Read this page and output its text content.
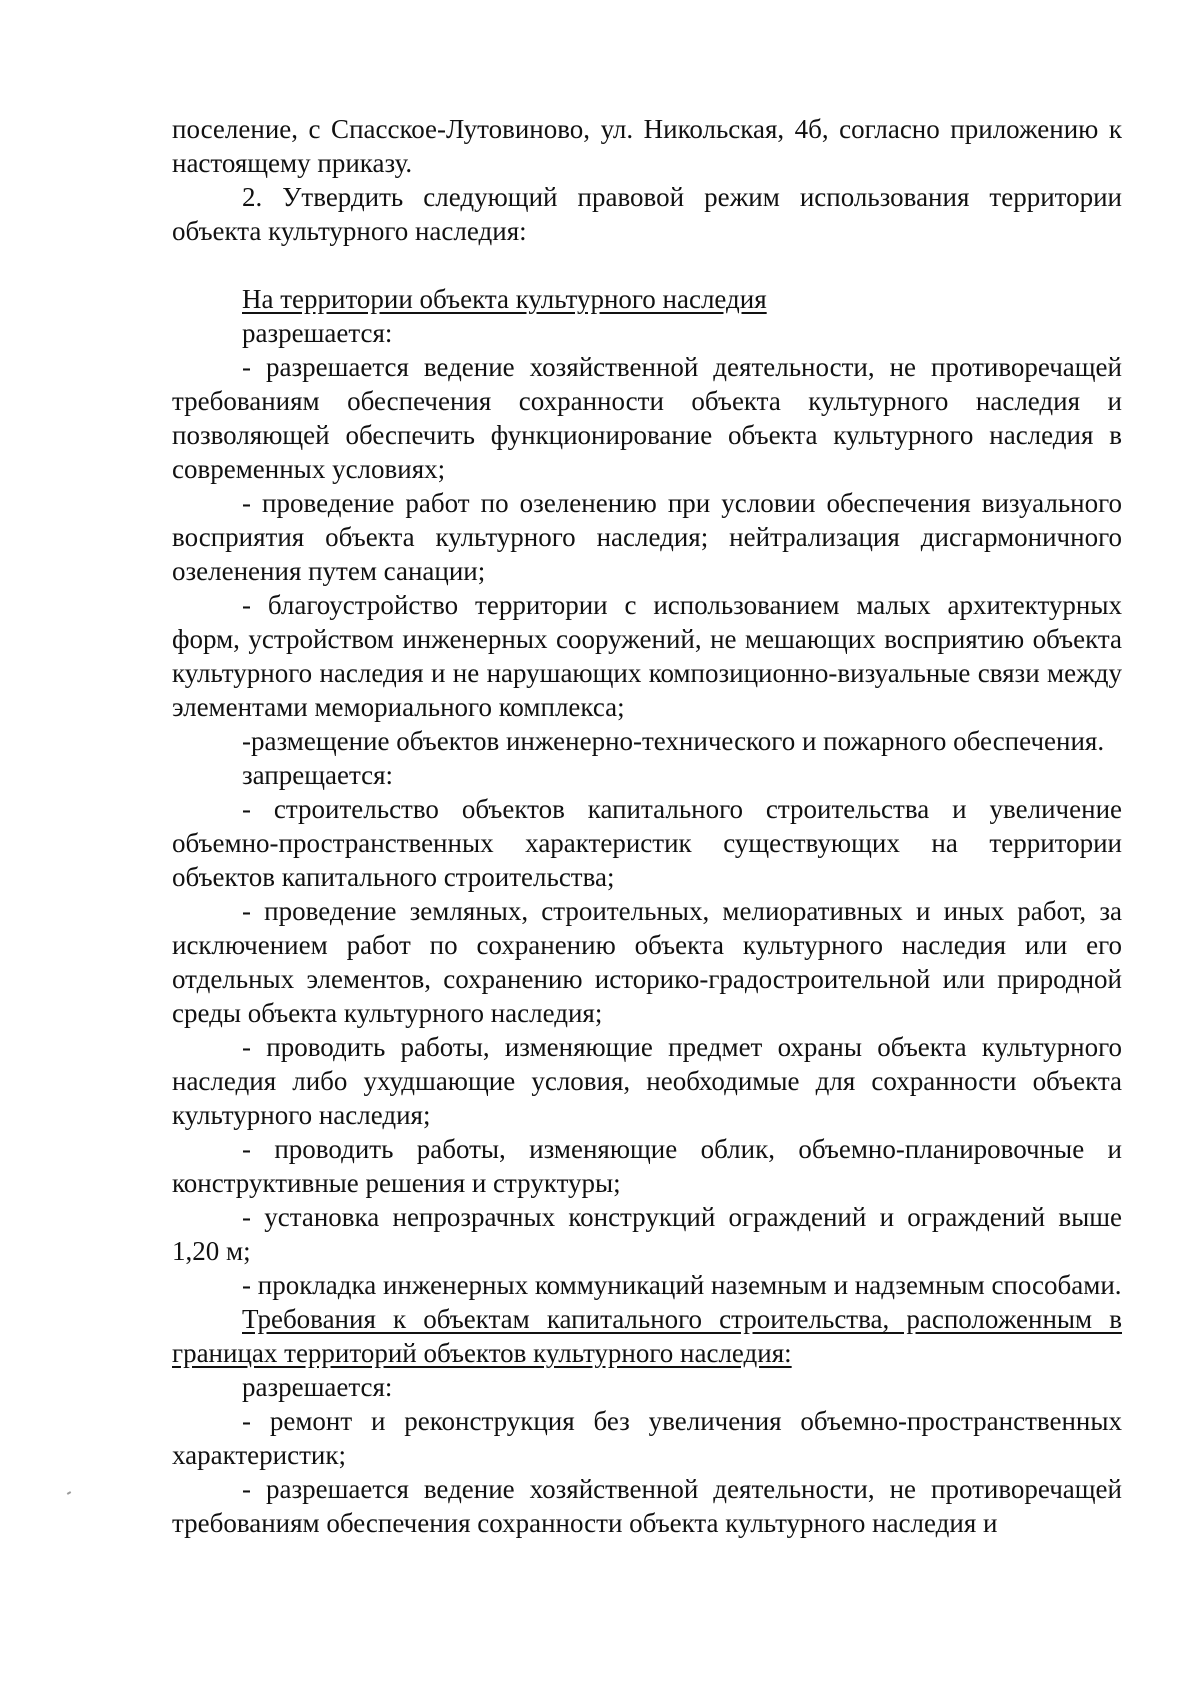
поселение, с Спасское-Лутовиново, ул. Никольская, 4б, согласно приложению к настоящему приказу.

2. Утвердить следующий правовой режим использования территории объекта культурного наследия:

На территории объекта культурного наследия

разрешается:

- разрешается ведение хозяйственной деятельности, не противоречащей требованиям обеспечения сохранности объекта культурного наследия и позволяющей обеспечить функционирование объекта культурного наследия в современных условиях;

- проведение работ по озеленению при условии обеспечения визуального восприятия объекта культурного наследия; нейтрализация дисгармоничного озеленения путем санации;

- благоустройство территории с использованием малых архитектурных форм, устройством инженерных сооружений, не мешающих восприятию объекта культурного наследия и не нарушающих композиционно-визуальные связи между элементами мемориального комплекса;

-размещение объектов инженерно-технического и пожарного обеспечения.

запрещается:

- строительство объектов капитального строительства и увеличение объемно-пространственных характеристик существующих на территории объектов капитального строительства;

- проведение земляных, строительных, мелиоративных и иных работ, за исключением работ по сохранению объекта культурного наследия или его отдельных элементов, сохранению историко-градостроительной или природной среды объекта культурного наследия;

- проводить работы, изменяющие предмет охраны объекта культурного наследия либо ухудшающие условия, необходимые для сохранности объекта культурного наследия;

- проводить работы, изменяющие облик, объемно-планировочные и конструктивные решения и структуры;

- установка непрозрачных конструкций ограждений и ограждений выше 1,20 м;

- прокладка инженерных коммуникаций наземным и надземным способами.

Требования к объектам капитального строительства, расположенным в границах территорий объектов культурного наследия:

разрешается:

- ремонт и реконструкция без увеличения объемно-пространственных характеристик;

- разрешается ведение хозяйственной деятельности, не противоречащей требованиям обеспечения сохранности объекта культурного наследия и
